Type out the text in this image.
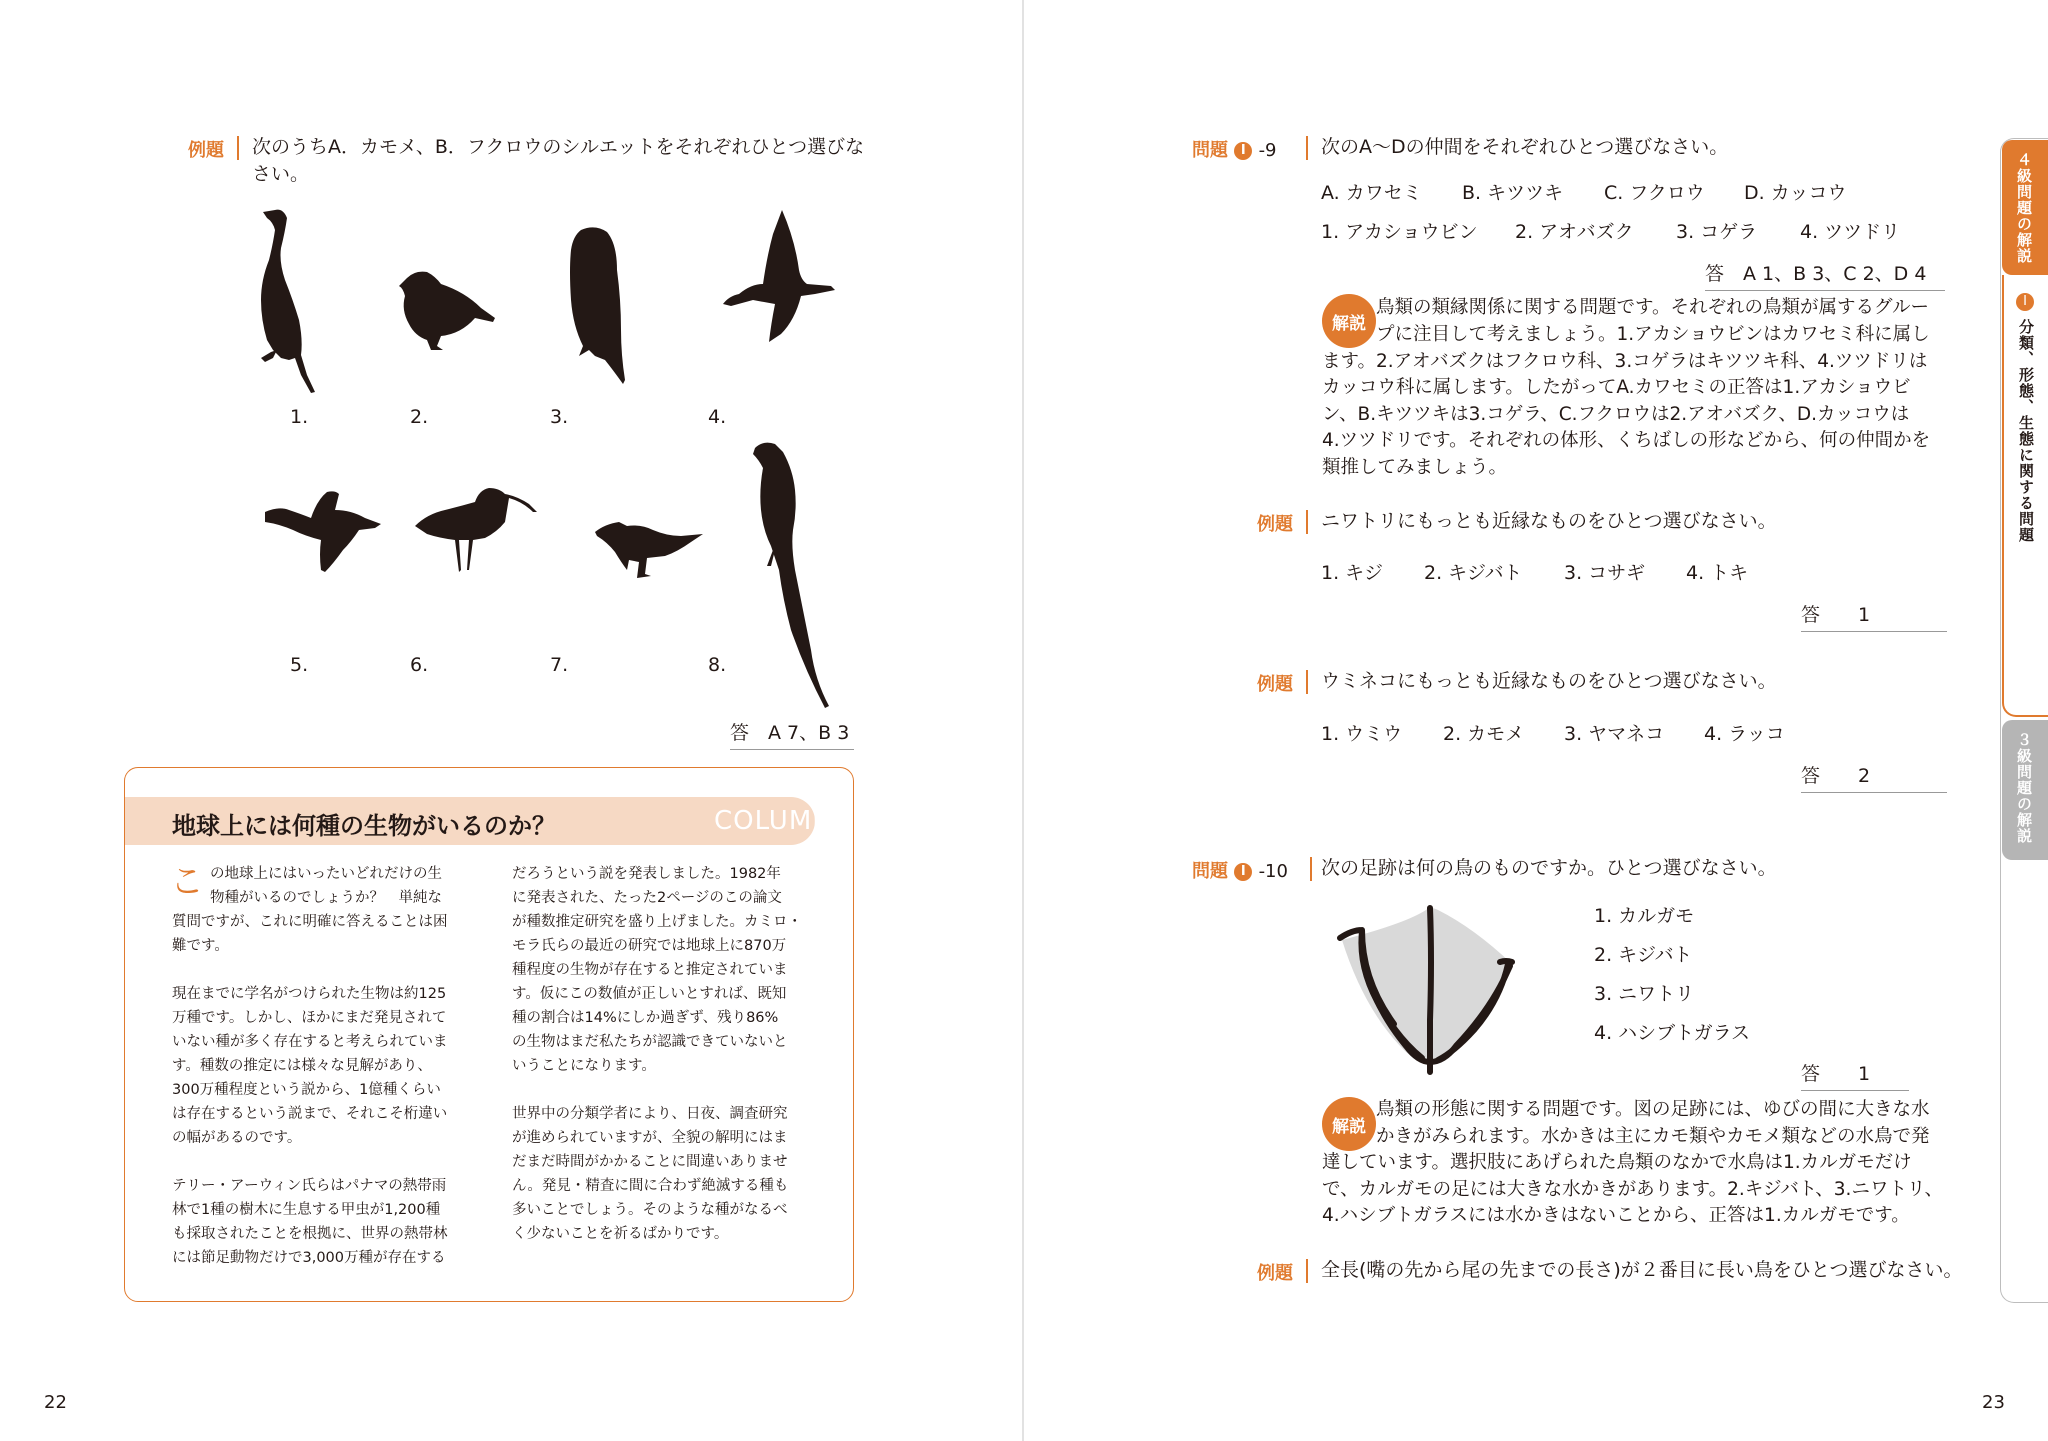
例題 次のうちA．カモメ、B．フクロウのシルエットをそれぞれひとつ選びな
さい。
1.	2.	3.	4.
5.	6.	7.	8.
答　A 7、B 3
地球上には何種の生物がいるのか？	COLUMN
こ の地球上にはいったいどれだけの生
物種がいるのでしょうか？　単純な
質問ですが、これに明確に答えることは困
難です。
現在までに学名がつけられた生物は約125
万種です。しかし、ほかにまだ発見されて
いない種が多く存在すると考えられていま
す。種数の推定には様々な見解があり、
300万種程度という説から、1億種くらい
は存在するという説まで、それこそ桁違い
の幅があるのです。
テリー・アーウィン氏らはパナマの熱帯雨
林で1種の樹木に生息する甲虫が1,200種
も採取されたことを根拠に、世界の熱帯林
には節足動物だけで3,000万種が存在する
だろうという説を発表しました。1982年
に発表された、たった2ページのこの論文
が種数推定研究を盛り上げました。カミロ・
モラ氏らの最近の研究では地球上に870万
種程度の生物が存在すると推定されていま
す。仮にこの数値が正しいとすれば、既知
種の割合は14%にしか過ぎず、残り86%
の生物はまだ私たちが認識できていないと
いうことになります。
世界中の分類学者により、日夜、調査研究
が進められていますが、全貌の解明にはま
だまだ時間がかかることに間違いありませ
ん。発見・精査に間に合わず絶滅する種も
多いことでしょう。そのような種がなるべ
く少ないことを祈るばかりです。
22
問題 Ⅰ -9 次のA～Dの仲間をそれぞれひとつ選びなさい。
A. カワセミ B. キツツキ C. フクロウ D. カッコウ
1. アカショウビン 2. アオバズク 3. コゲラ 4. ツツドリ
答　A 1、B 3、C 2、D 4
解説
鳥類の類縁関係に関する問題です。それぞれの鳥類が属するグルー
プに注目して考えましょう。1.アカショウビンはカワセミ科に属し
ます。2.アオバズクはフクロウ科、3.コゲラはキツツキ科、4.ツツドリは
カッコウ科に属します。したがってA.カワセミの正答は1.アカショウビ
ン、B.キツツキは3.コゲラ、C.フクロウは2.アオバズク、D.カッコウは
4.ツツドリです。それぞれの体形、くちばしの形などから、何の仲間かを
類推してみましょう。
例題 ニワトリにもっとも近縁なものをひとつ選びなさい。
1. キジ 2. キジバト 3. コサギ 4. トキ
答　　1
例題 ウミネコにもっとも近縁なものをひとつ選びなさい。
1. ウミウ 2. カモメ 3. ヤマネコ 4. ラッコ
答　　2
問題 Ⅰ -10 次の足跡は何の鳥のものですか。ひとつ選びなさい。
1. カルガモ
2. キジバト
3. ニワトリ
4. ハシブトガラス
答　　1
解説
鳥類の形態に関する問題です。図の足跡には、ゆびの間に大きな水
かきがみられます。水かきは主にカモ類やカモメ類などの水鳥で発
達しています。選択肢にあげられた鳥類のなかで水鳥は1.カルガモだけ
で、カルガモの足には大きな水かきがあります。2.キジバト、3.ニワトリ、
4.ハシブトガラスには水かきはないことから、正答は1.カルガモです。
例題 全長(嘴の先から尾の先までの長さ)が２番目に長い鳥をひとつ選びなさい。
４級問題の解説
Ⅰ
分類、形態、生態に関する問題
３級問題の解説
23
